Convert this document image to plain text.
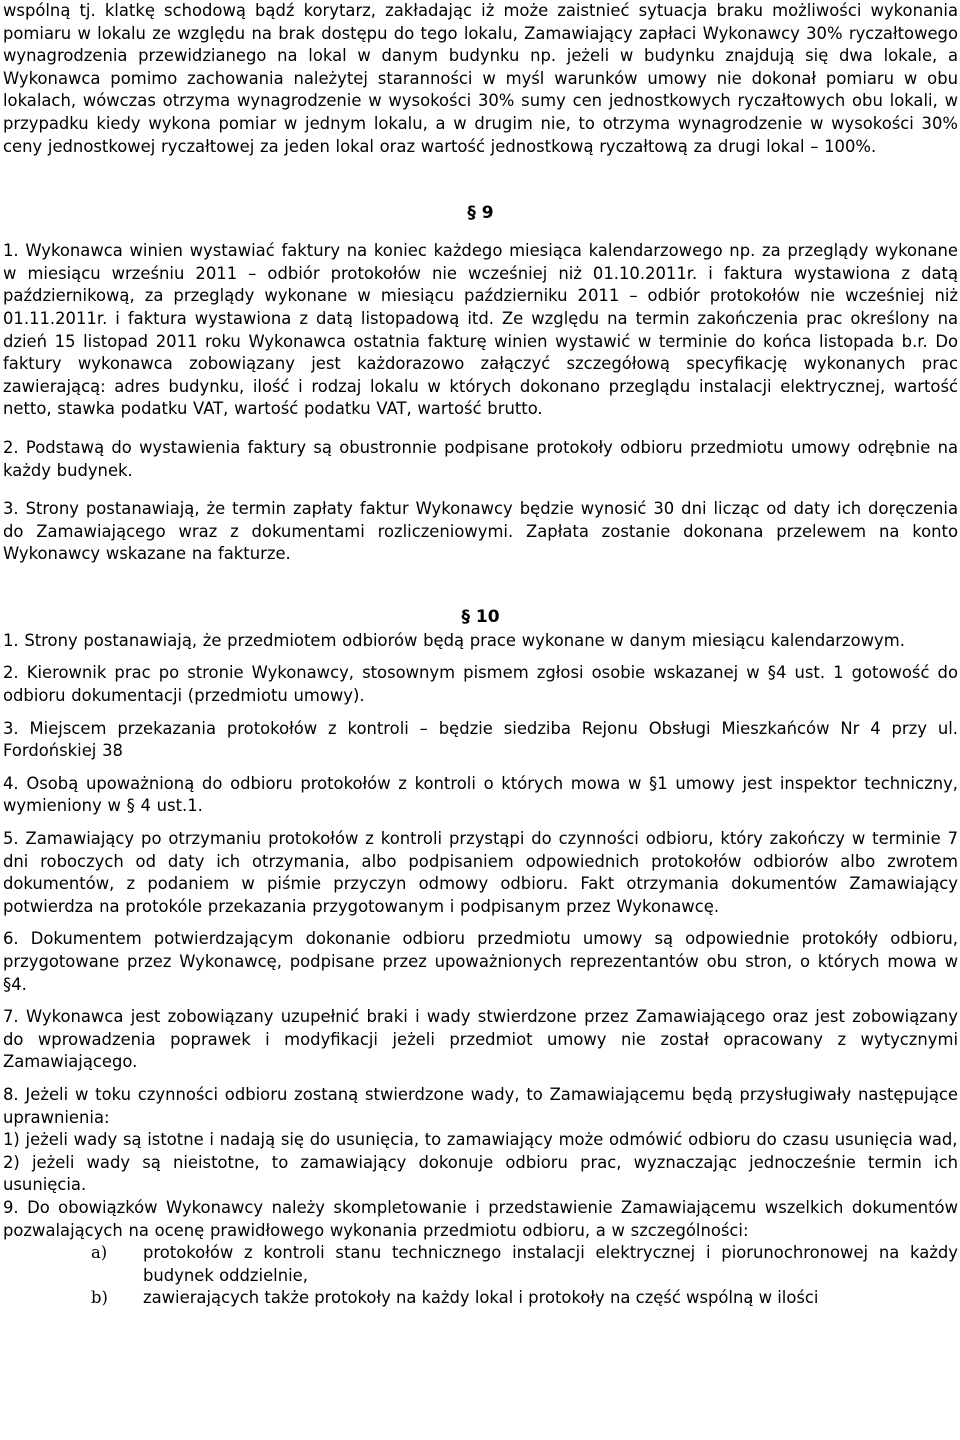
wspólną tj. klatkę schodową bądź korytarz, zakładając iż może zaistnieć sytuacja braku możliwości wykonania pomiaru w lokalu ze względu na brak dostępu do tego lokalu, Zamawiający zapłaci Wykonawcy 30% ryczałtowego wynagrodzenia przewidzianego na lokal w danym budynku np. jeżeli w budynku znajdują się dwa lokale, a Wykonawca pomimo zachowania należytej staranności w myśl warunków umowy nie dokonał pomiaru w obu lokalach, wówczas otrzyma wynagrodzenie w wysokości 30% sumy cen jednostkowych ryczałtowych obu lokali, w przypadku kiedy wykona pomiar w jednym lokalu, a w drugim nie, to otrzyma wynagrodzenie w wysokości 30% ceny jednostkowej ryczałtowej za jeden lokal oraz wartość jednostkową ryczałtową za drugi lokal – 100%.

§ 9

1. Wykonawca winien wystawiać faktury na koniec każdego miesiąca kalendarzowego np. za przeglądy wykonane w miesiącu wrześniu 2011 – odbiór protokołów nie wcześniej niż 01.10.2011r. i faktura wystawiona z datą październikową, za przeglądy wykonane w miesiącu październiku 2011 – odbiór protokołów nie wcześniej niż 01.11.2011r. i faktura wystawiona z datą listopadową itd. Ze względu na termin zakończenia prac określony na dzień 15 listopad 2011 roku Wykonawca ostatnia fakturę winien wystawić w terminie do końca listopada b.r. Do faktury wykonawca zobowiązany jest każdorazowo załączyć szczegółową specyfikację wykonanych prac zawierającą: adres budynku, ilość i rodzaj lokalu w których dokonano przeglądu instalacji elektrycznej, wartość netto, stawka podatku VAT, wartość podatku VAT, wartość brutto.

2. Podstawą do wystawienia faktury są obustronnie podpisane protokoły odbioru przedmiotu umowy odrębnie na każdy budynek.

3. Strony postanawiają, że termin zapłaty faktur Wykonawcy będzie wynosić 30 dni licząc od daty ich doręczenia do Zamawiającego wraz z dokumentami rozliczeniowymi. Zapłata zostanie dokonana przelewem na konto Wykonawcy wskazane na fakturze.

§ 10

1. Strony postanawiają, że przedmiotem odbiorów będą prace wykonane w danym miesiącu kalendarzowym.

2. Kierownik prac po stronie Wykonawcy, stosownym pismem zgłosi osobie wskazanej w §4 ust. 1 gotowość do odbioru dokumentacji (przedmiotu umowy).

3. Miejscem przekazania protokołów z kontroli – będzie siedziba Rejonu Obsługi Mieszkańców Nr 4 przy ul. Fordońskiej 38

4. Osobą upoważnioną do odbioru protokołów z kontroli o których mowa w §1 umowy jest inspektor techniczny, wymieniony w § 4 ust.1.

5. Zamawiający po otrzymaniu protokołów z kontroli przystąpi do czynności odbioru, który zakończy w terminie 7 dni roboczych od daty ich otrzymania, albo podpisaniem odpowiednich protokołów odbiorów albo zwrotem dokumentów, z podaniem w piśmie przyczyn odmowy odbioru. Fakt otrzymania dokumentów Zamawiający potwierdza na protokóle przekazania przygotowanym i podpisanym przez Wykonawcę.

6. Dokumentem potwierdzającym dokonanie odbioru przedmiotu umowy są odpowiednie protokóły odbioru, przygotowane przez Wykonawcę, podpisane przez upoważnionych reprezentantów obu stron, o których mowa w §4.

7. Wykonawca jest zobowiązany uzupełnić braki i wady stwierdzone przez Zamawiającego oraz jest zobowiązany do wprowadzenia poprawek i modyfikacji jeżeli przedmiot umowy nie został opracowany z wytycznymi Zamawiającego.

8. Jeżeli w toku czynności odbioru zostaną stwierdzone wady, to Zamawiającemu będą przysługiwały następujące uprawnienia:

1) jeżeli wady są istotne i nadają się do usunięcia, to zamawiający może odmówić odbioru do czasu usunięcia wad,

2) jeżeli wady są nieistotne, to zamawiający dokonuje odbioru prac, wyznaczając jednocześnie termin ich usunięcia.

9. Do obowiązków Wykonawcy należy skompletowanie i przedstawienie Zamawiającemu wszelkich dokumentów pozwalających na ocenę prawidłowego wykonania przedmiotu odbioru, a w szczególności:

a) protokołów z kontroli stanu technicznego instalacji elektrycznej i piorunochronowej na każdy budynek oddzielnie,
b) zawierających także protokoły na każdy lokal i protokoły na część wspólną w ilości
